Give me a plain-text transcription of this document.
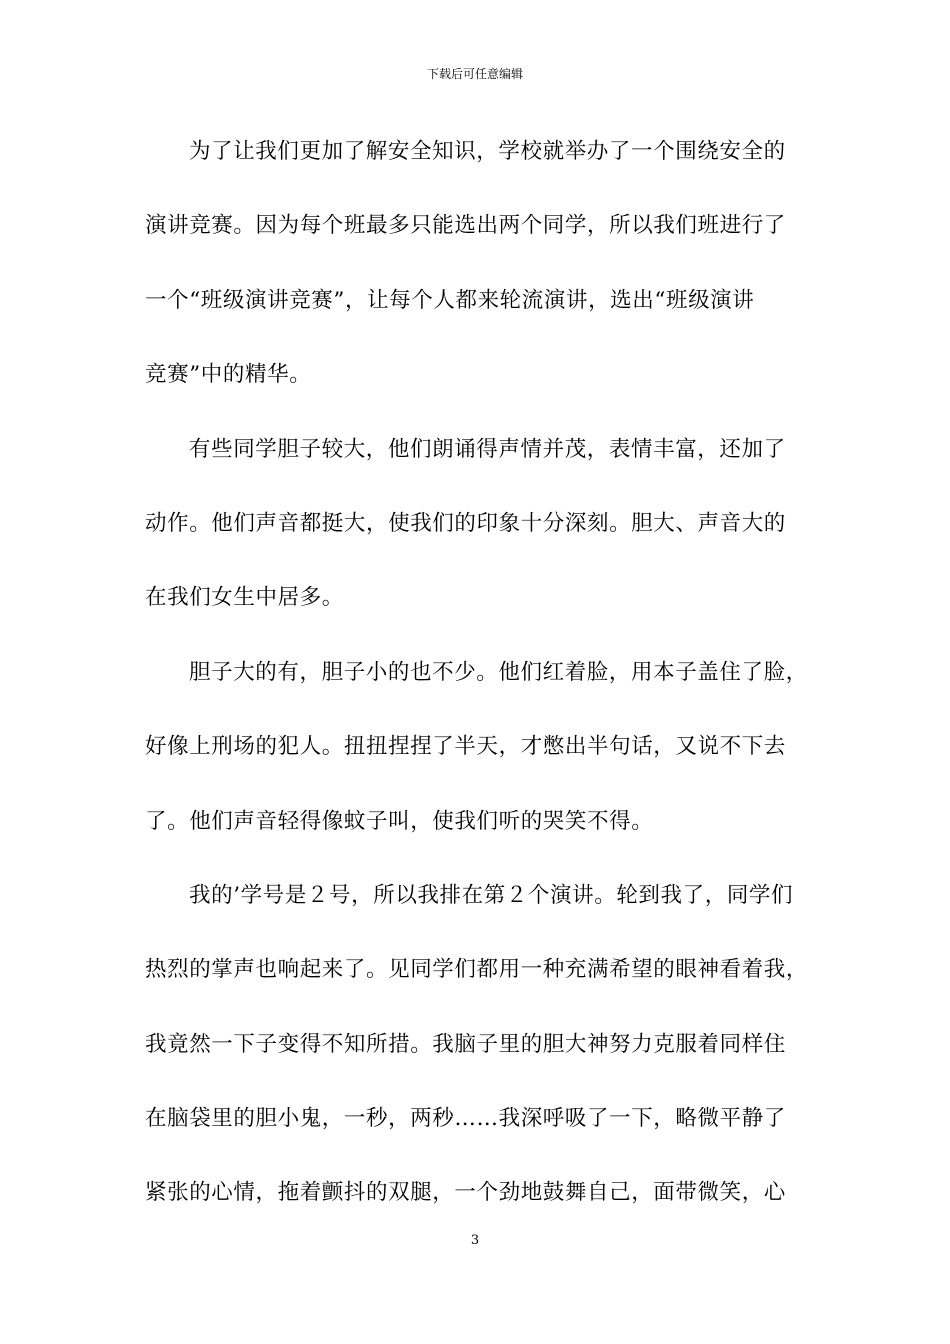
下载后可任意编辑
为了让我们更加了解安全知识，学校就举办了一个围绕安全的
演讲竞赛。因为每个班最多只能选出两个同学，所以我们班进行了
一个“班级演讲竞赛”，让每个人都来轮流演讲，选出“班级演讲
竞赛”中的精华。
有些同学胆子较大，他们朗诵得声情并茂，表情丰富，还加了
动作。他们声音都挺大，使我们的印象十分深刻。胆大、声音大的
在我们女生中居多。
胆子大的有，胆子小的也不少。他们红着脸，用本子盖住了脸，
好像上刑场的犯人。扭扭捏捏了半天，才憋出半句话，又说不下去
了。他们声音轻得像蚊子叫，使我们听的哭笑不得。
我的’学号是２号，所以我排在第２个演讲。轮到我了，同学们
热烈的掌声也响起来了。见同学们都用一种充满希望的眼神看着我，
我竟然一下子变得不知所措。我脑子里的胆大神努力克服着同样住
在脑袋里的胆小鬼，一秒，两秒……我深呼吸了一下，略微平静了
紧张的心情，拖着颤抖的双腿，一个劲地鼓舞自己，面带微笑，心
3
